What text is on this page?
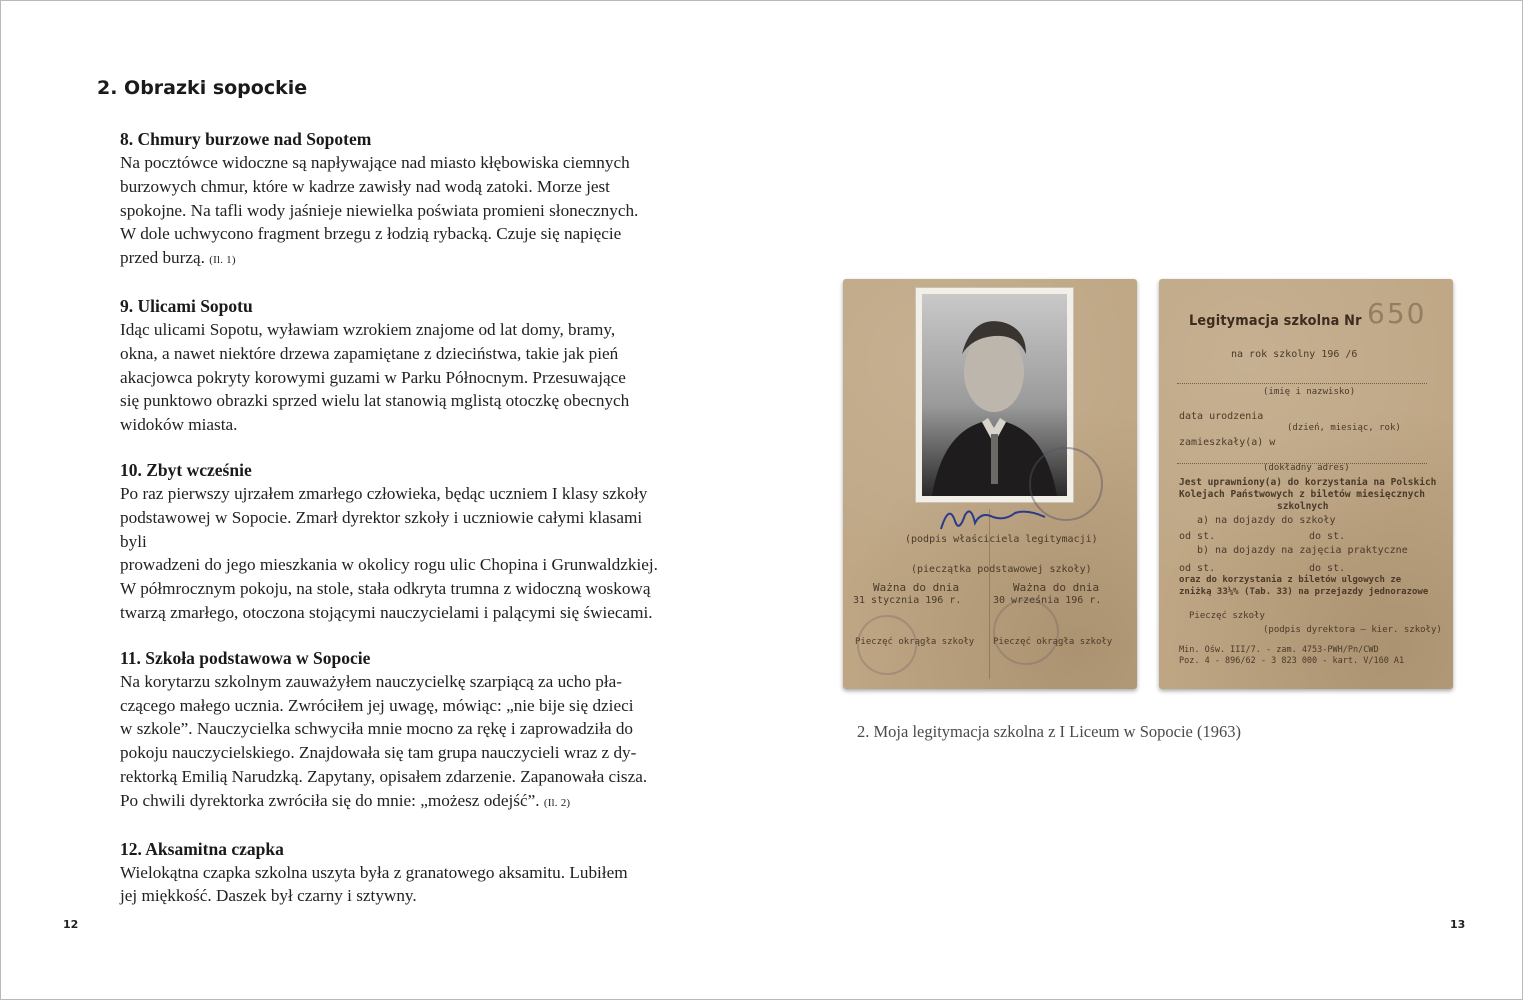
2. Obrazki sopockie
8. Chmury burzowe nad Sopotem

Na pocztówce widoczne są napływające nad miasto kłębowiska ciemnych
burzowych chmur, które w kadrze zawisły nad wodą zatoki. Morze jest
spokojne. Na tafli wody jaśnieje niewielka poświata promieni słonecznych.
W dole uchwycono fragment brzegu z łodzią rybacką. Czuje się napięcie
przed burzą. (Il. 1)

9. Ulicami Sopotu

Idąc ulicami Sopotu, wyławiam wzrokiem znajome od lat domy, bramy,
okna, a nawet niektóre drzewa zapamiętane z dzieciństwa, takie jak pień
akacjowca pokryty korowymi guzami w Parku Północnym. Przesuwające
się punktowo obrazki sprzed wielu lat stanowią mglistą otoczkę obecnych
widoków miasta.

10. Zbyt wcześnie

Po raz pierwszy ujrzałem zmarłego człowieka, będąc uczniem I klasy szkoły
podstawowej w Sopocie. Zmarł dyrektor szkoły i uczniowie całymi klasami byli
prowadzeni do jego mieszkania w okolicy rogu ulic Chopina i Grunwaldzkiej.
W półmrocznym pokoju, na stole, stała odkryta trumna z widoczną woskową
twarzą zmarłego, otoczona stojącymi nauczycielami i palącymi się świecami.

11. Szkoła podstawowa w Sopocie

Na korytarzu szkolnym zauważyłem nauczycielkę szarpiącą za ucho pła-
czącego małego ucznia. Zwróciłem jej uwagę, mówiąc: „nie bije się dzieci
w szkole”. Nauczycielka schwyciła mnie mocno za rękę i zaprowadziła do
pokoju nauczycielskiego. Znajdowała się tam grupa nauczycieli wraz z dy-
rektorką Emilią Narudzką. Zapytany, opisałem zdarzenie. Zapanowała cisza.
Po chwili dyrektorka zwróciła się do mnie: „możesz odejść”. (Il. 2)

12. Aksamitna czapka

Wielokątna czapka szkolna uszyta była z granatowego aksamitu. Lubiłem
jej miękkość. Daszek był czarny i sztywny.

(podpis właściciela legitymacji)
(pieczątka podstawowej szkoły)
Ważna do dnia	Ważna do dnia
31 stycznia 196 r.	30 września 196 r.
Pieczęć okrągła szkoły Pieczęć okrągła szkoły
Legitymacja szkolna Nr 650
na rok szkolny 196 /6
(imię i nazwisko)
data urodzenia
(dzień, miesiąc, rok)
zamieszkały(a) w
(dokładny adres)
Jest uprawniony(a) do korzystania na Polskich
Kolejach Państwowych z biletów miesięcznych
szkolnych
a) na dojazdy do szkoły
od st.	do st.
b) na dojazdy na zajęcia praktyczne
od st.	do st.
oraz do korzystania z biletów ulgowych ze
zniżką 33⅓% (Tab. 33) na przejazdy jednorazowe
Pieczęć szkoły
(podpis dyrektora — kier. szkoły)
Min. Ośw. III/7. - zam. 4753-PWH/Pn/CWD
Poz. 4 - 896/62 - 3 823 000 - kart. V/160 A1
2. Moja legitymacja szkolna z I Liceum w Sopocie (1963)
12	13
